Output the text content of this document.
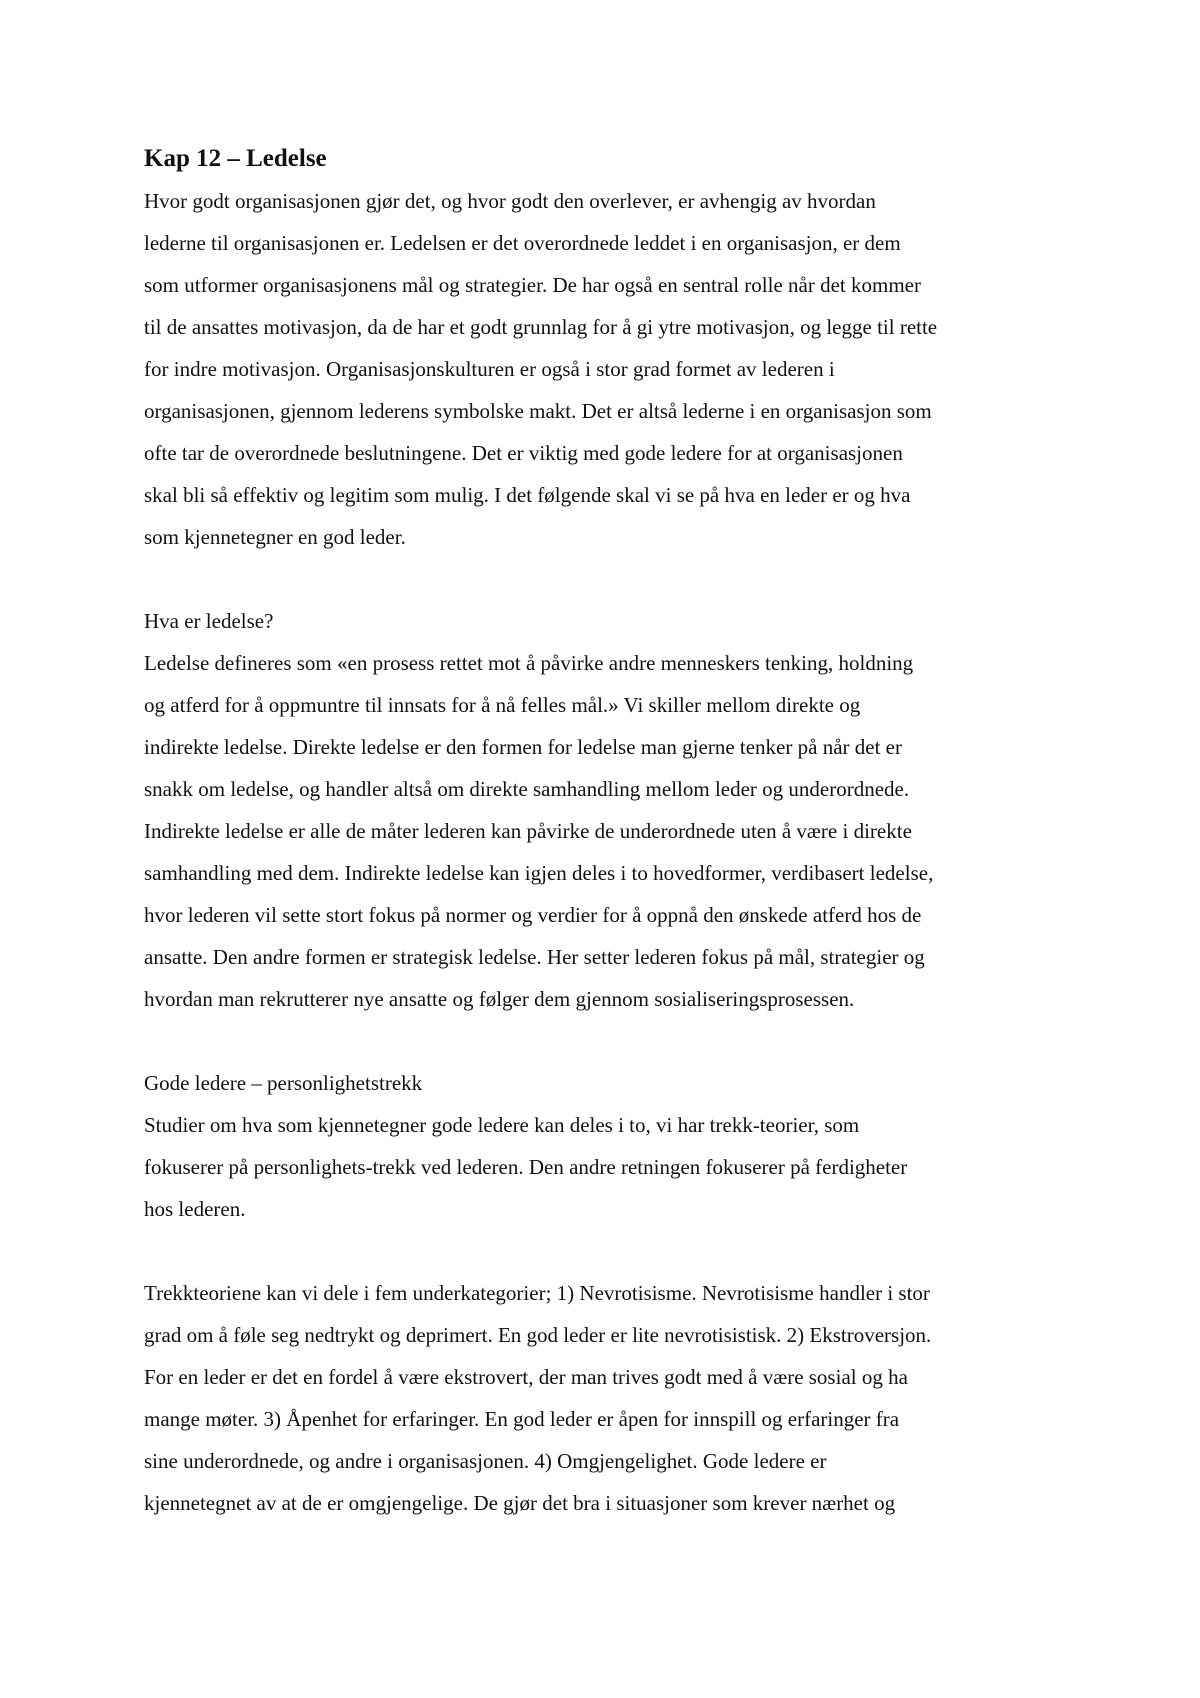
Kap 12 – Ledelse
Hvor godt organisasjonen gjør det, og hvor godt den overlever, er avhengig av hvordan
lederne til organisasjonen er. Ledelsen er det overordnede leddet i en organisasjon, er dem
som utformer organisasjonens mål og strategier. De har også en sentral rolle når det kommer
til de ansattes motivasjon, da de har et godt grunnlag for å gi ytre motivasjon, og legge til rette
for indre motivasjon. Organisasjonskulturen er også i stor grad formet av lederen i
organisasjonen, gjennom lederens symbolske makt. Det er altså lederne i en organisasjon som
ofte tar de overordnede beslutningene. Det er viktig med gode ledere for at organisasjonen
skal bli så effektiv og legitim som mulig. I det følgende skal vi se på hva en leder er og hva
som kjennetegner en god leder.
Hva er ledelse?
Ledelse defineres som «en prosess rettet mot å påvirke andre menneskers tenking, holdning
og atferd for å oppmuntre til innsats for å nå felles mål.» Vi skiller mellom direkte og
indirekte ledelse. Direkte ledelse er den formen for ledelse man gjerne tenker på når det er
snakk om ledelse, og handler altså om direkte samhandling mellom leder og underordnede.
Indirekte ledelse er alle de måter lederen kan påvirke de underordnede uten å være i direkte
samhandling med dem. Indirekte ledelse kan igjen deles i to hovedformer, verdibasert ledelse,
hvor lederen vil sette stort fokus på normer og verdier for å oppnå den ønskede atferd hos de
ansatte. Den andre formen er strategisk ledelse. Her setter lederen fokus på mål, strategier og
hvordan man rekrutterer nye ansatte og følger dem gjennom sosialiseringsprosessen.
Gode ledere – personlighetstrekk
Studier om hva som kjennetegner gode ledere kan deles i to, vi har trekk-teorier, som
fokuserer på personlighets-trekk ved lederen. Den andre retningen fokuserer på ferdigheter
hos lederen.
Trekkteoriene kan vi dele i fem underkategorier; 1) Nevrotisisme. Nevrotisisme handler i stor
grad om å føle seg nedtrykt og deprimert. En god leder er lite nevrotisistisk. 2) Ekstroversjon.
For en leder er det en fordel å være ekstrovert, der man trives godt med å være sosial og ha
mange møter. 3) Åpenhet for erfaringer. En god leder er åpen for innspill og erfaringer fra
sine underordnede, og andre i organisasjonen. 4) Omgjengelighet. Gode ledere er
kjennetegnet av at de er omgjengelige. De gjør det bra i situasjoner som krever nærhet og
